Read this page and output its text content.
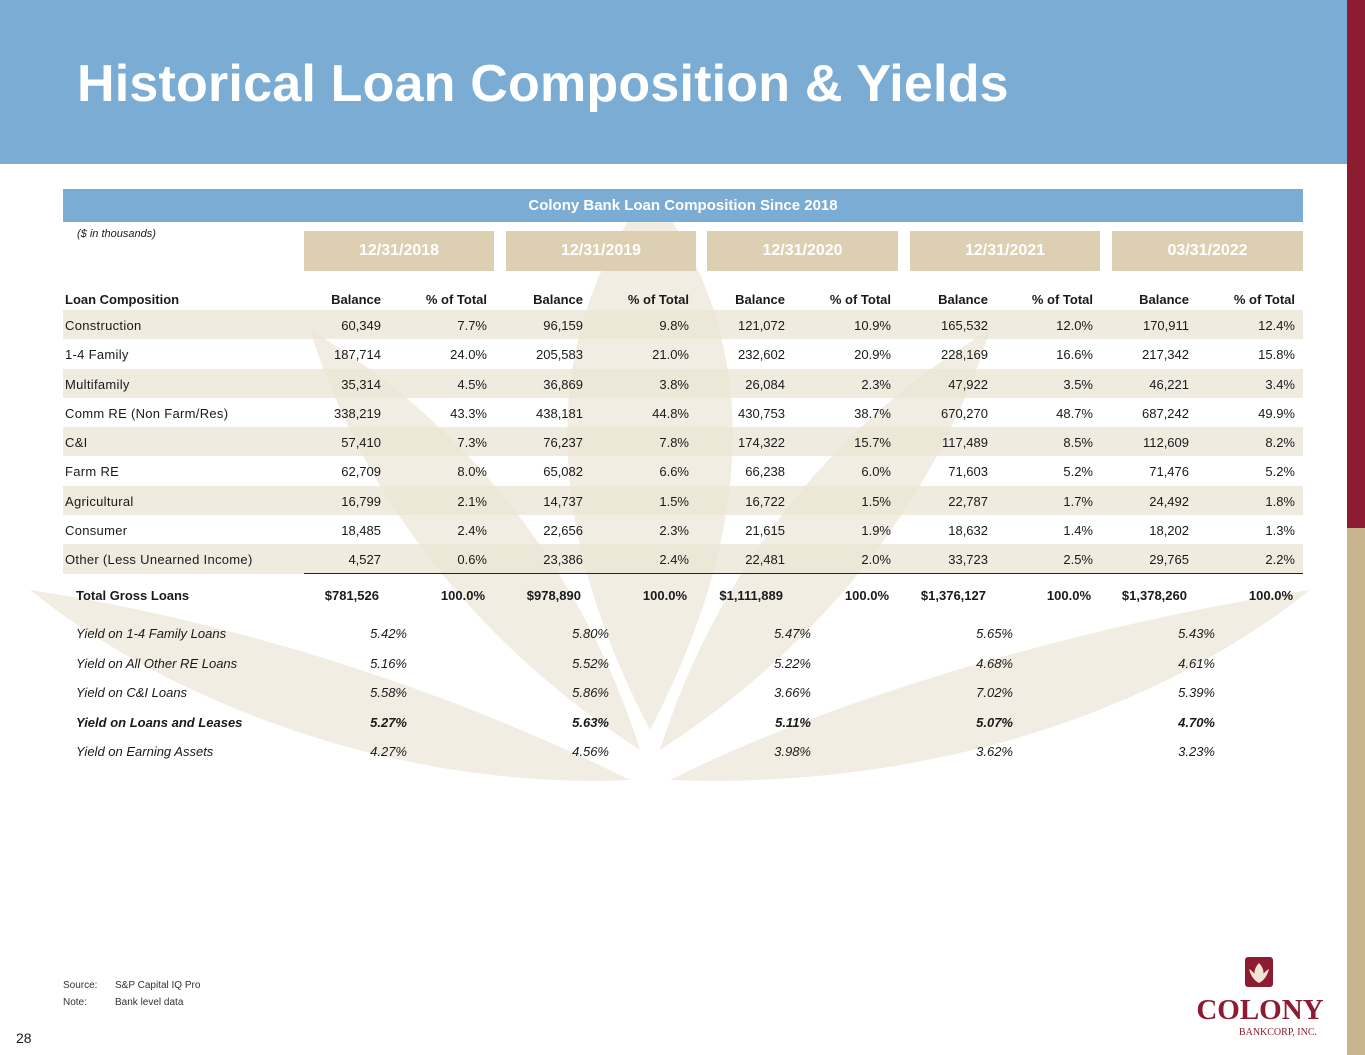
Historical Loan Composition & Yields
Colony Bank Loan Composition Since 2018
($ in thousands)
12/31/2018	12/31/2019	12/31/2020	12/31/2021	03/31/2022
Loan Composition	Balance	% of Total	Balance	% of Total	Balance	% of Total	Balance	% of Total	Balance	% of Total
Construction	60,349	7.7%	96,159	9.8%	121,072	10.9%	165,532	12.0%	170,911	12.4%
1-4 Family	187,714	24.0%	205,583	21.0%	232,602	20.9%	228,169	16.6%	217,342	15.8%
Multifamily	35,314	4.5%	36,869	3.8%	26,084	2.3%	47,922	3.5%	46,221	3.4%
Comm RE (Non Farm/Res)	338,219	43.3%	438,181	44.8%	430,753	38.7%	670,270	48.7%	687,242	49.9%
C&I	57,410	7.3%	76,237	7.8%	174,322	15.7%	117,489	8.5%	112,609	8.2%
Farm RE	62,709	8.0%	65,082	6.6%	66,238	6.0%	71,603	5.2%	71,476	5.2%
Agricultural	16,799	2.1%	14,737	1.5%	16,722	1.5%	22,787	1.7%	24,492	1.8%
Consumer	18,485	2.4%	22,656	2.3%	21,615	1.9%	18,632	1.4%	18,202	1.3%
Other (Less Unearned Income)	4,527	0.6%	23,386	2.4%	22,481	2.0%	33,723	2.5%	29,765	2.2%
Total Gross Loans	$781,526	100.0%	$978,890	100.0% $1,111,889	100.0% $1,376,127	100.0% $1,378,260	100.0%
Yield on 1-4 Family Loans	5.42%	5.80%	5.47%	5.65%	5.43%
Yield on All Other RE Loans	5.16%	5.52%	5.22%	4.68%	4.61%
Yield on C&I Loans	5.58%	5.86%	3.66%	7.02%	5.39%
Yield on Loans and Leases	5.27%	5.63%	5.11%	5.07%	4.70%
Yield on Earning Assets	4.27%	4.56%	3.98%	3.62%	3.23%
Source: S&P Capital IQ Pro
Note:	Bank level data
28
COLONY
BANKCORP, INC.
